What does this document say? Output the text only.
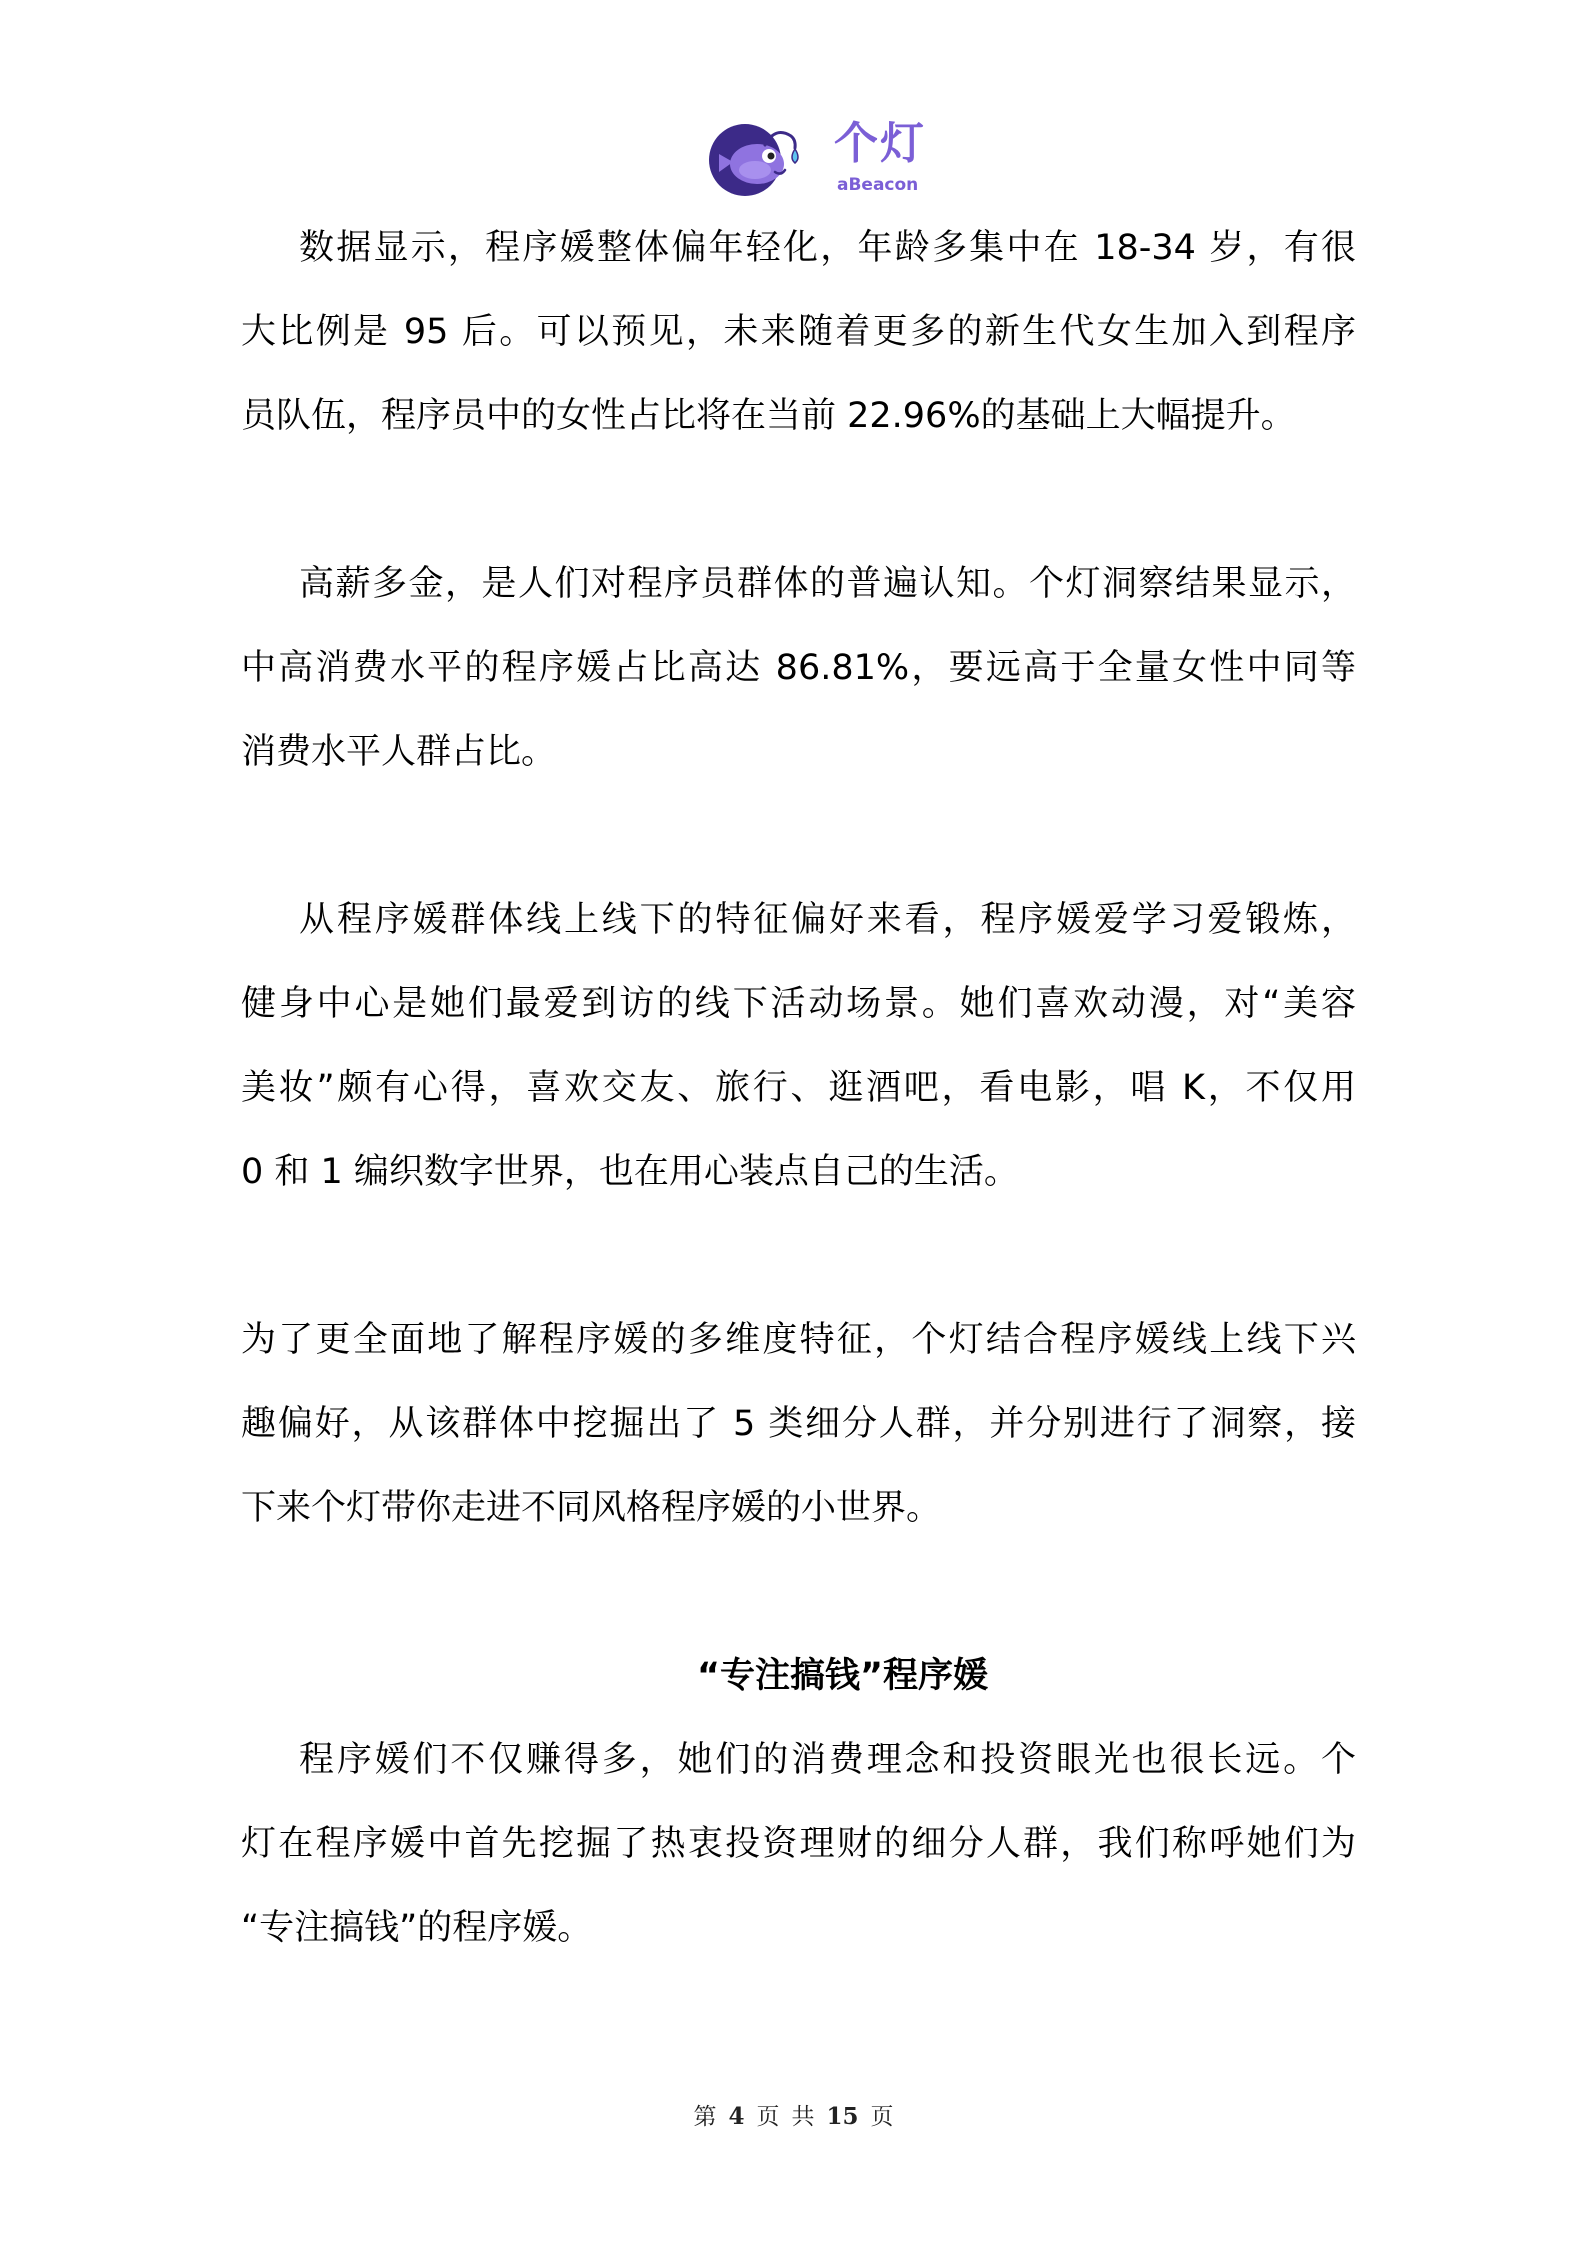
个灯
aBeacon
数据显示，程序媛整体偏年轻化，年龄多集中在 18-34 岁，有很
大比例是 95 后。可以预见，未来随着更多的新生代女生加入到程序
员队伍，程序员中的女性占比将在当前 22.96%的基础上大幅提升。
高薪多金，是人们对程序员群体的普遍认知。个灯洞察结果显示，
中高消费水平的程序媛占比高达 86.81%，要远高于全量女性中同等
消费水平人群占比。
从程序媛群体线上线下的特征偏好来看，程序媛爱学习爱锻炼，
健身中心是她们最爱到访的线下活动场景。她们喜欢动漫，对“美容
美妆”颇有心得，喜欢交友、旅行、逛酒吧，看电影，唱 K，不仅用
0 和 1 编织数字世界，也在用心装点自己的生活。
为了更全面地了解程序媛的多维度特征，个灯结合程序媛线上线下兴
趣偏好，从该群体中挖掘出了 5 类细分人群，并分别进行了洞察，接
下来个灯带你走进不同风格程序媛的小世界。
“专注搞钱”程序媛
程序媛们不仅赚得多，她们的消费理念和投资眼光也很长远。个
灯在程序媛中首先挖掘了热衷投资理财的细分人群，我们称呼她们为
“专注搞钱”的程序媛。
第 4 页 共 15 页
